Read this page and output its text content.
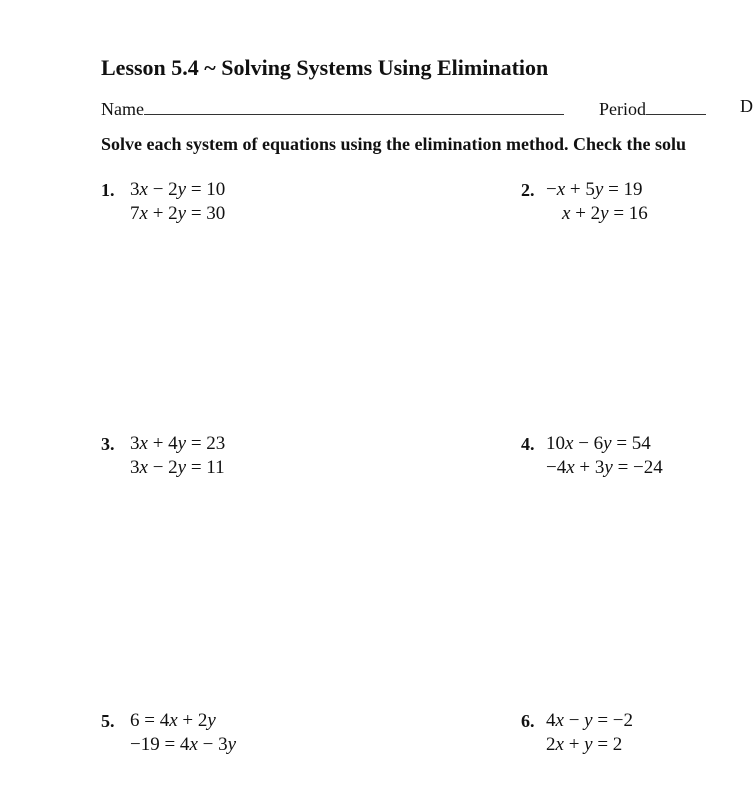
Lesson 5.4 ~ Solving Systems Using Elimination
Name	Period	D
Solve each system of equations using the elimination method. Check the solu
1. 3x − 2y = 10
7x + 2y = 30
2. −x + 5y = 19
x + 2y = 16
3. 3x + 4y = 23
3x − 2y = 11
4. 10x − 6y = 54
−4x + 3y = −24
5. 6 = 4x + 2y
−19 = 4x − 3y
6. 4x − y = −2
2x + y = 2
